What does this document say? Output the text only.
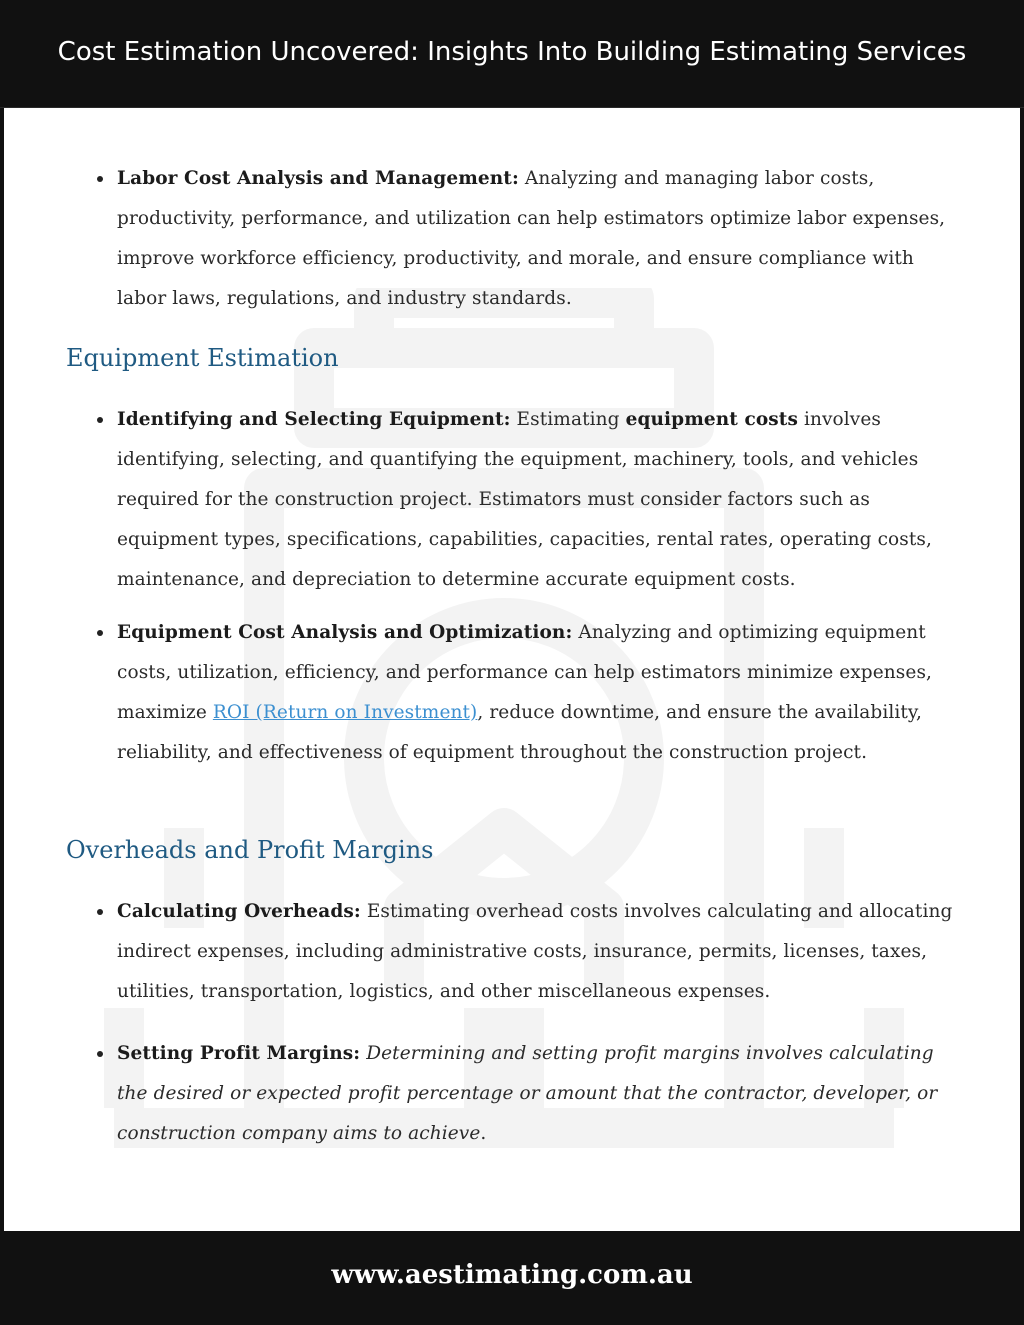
Cost Estimation Uncovered: Insights Into Building Estimating Services
Labor Cost Analysis and Management: Analyzing and managing labor costs, productivity, performance, and utilization can help estimators optimize labor expenses, improve workforce efficiency, productivity, and morale, and ensure compliance with labor laws, regulations, and industry standards.
Equipment Estimation
Identifying and Selecting Equipment: Estimating equipment costs involves identifying, selecting, and quantifying the equipment, machinery, tools, and vehicles required for the construction project. Estimators must consider factors such as equipment types, specifications, capabilities, capacities, rental rates, operating costs, maintenance, and depreciation to determine accurate equipment costs.
Equipment Cost Analysis and Optimization: Analyzing and optimizing equipment costs, utilization, efficiency, and performance can help estimators minimize expenses, maximize ROI (Return on Investment), reduce downtime, and ensure the availability, reliability, and effectiveness of equipment throughout the construction project.
Overheads and Profit Margins
Calculating Overheads: Estimating overhead costs involves calculating and allocating indirect expenses, including administrative costs, insurance, permits, licenses, taxes, utilities, transportation, logistics, and other miscellaneous expenses.
Setting Profit Margins: Determining and setting profit margins involves calculating the desired or expected profit percentage or amount that the contractor, developer, or construction company aims to achieve.
www.aestimating.com.au
